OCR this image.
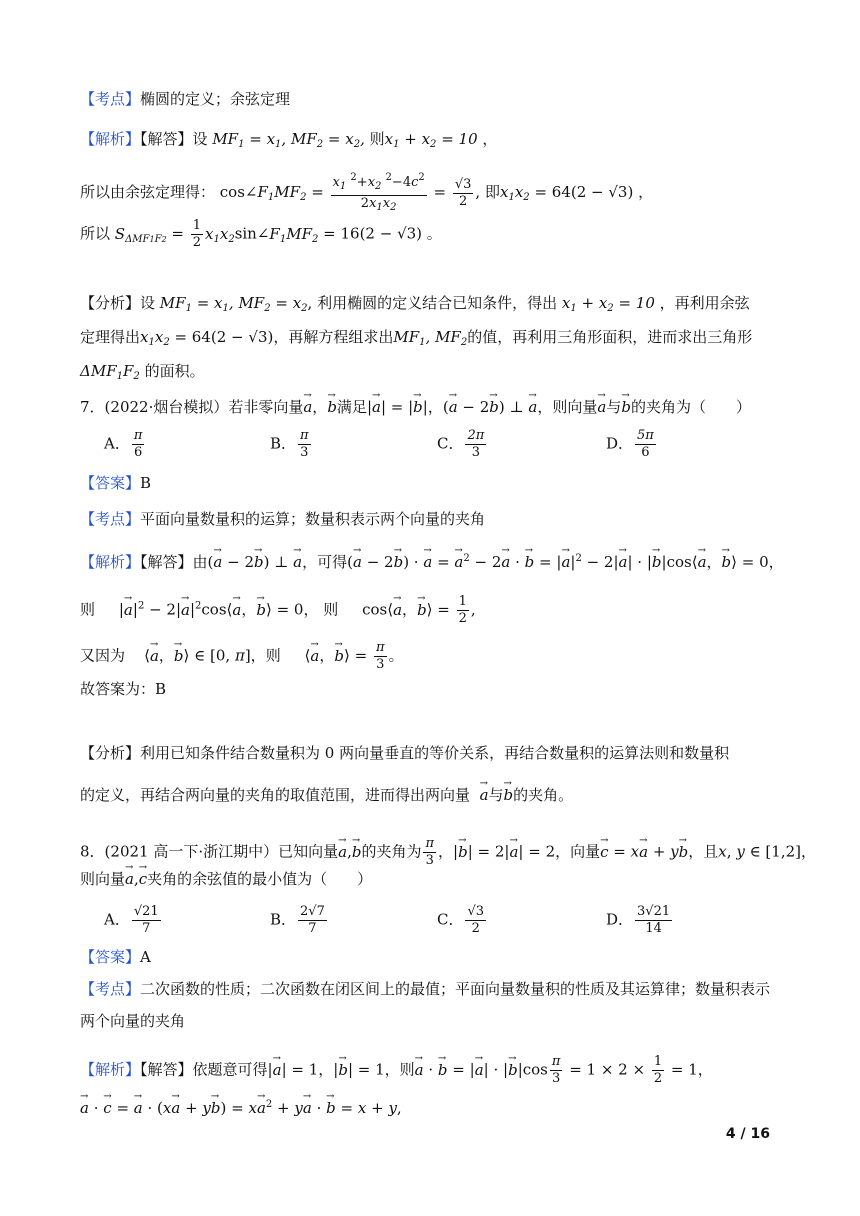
【考点】椭圆的定义；余弦定理
【解析】【解答】设 $MF_1 = x_1$, $MF_2 = x_2$, 则$x_1 + x_2 = 10$ ，
所以由余弦定理得： $\cos\angle F_1MF_2 = \frac{x_1 ^2+x_2 ^2-4c^2}{2x_1x_2} = \frac{√3}{2}$ , 即$x_1x_2 = 64(2 - √3)$ ，
所以 $S_{\Delta MF1F2} = \frac{1}{2}$ $x_1x_2\sin\angle F_1MF_2 = 16(2 - √3)$ 。
【分析】设 $MF_1 = x_1$, $MF_2 = x_2$, 利用椭圆的定义结合已知条件，得出 $x_1 + x_2 = 10$ ，再利用余弦
定理得出$x_1x_2 = 64(2 - √3)$，再解方程组求出$MF_1$, $MF_2$的值，再利用三角形面积，进而求出三角形
$\Delta MF_1F_2$ 的面积。
7．(2022·烟台模拟）若非零向量→ a，→ b满足|→ a| = |→ b|，(→ a − 2→ b) ⊥ → a，则向量→ a与→ b的夹角为（　　）
A． $\frac{\pi}{6}$	B． $\frac{\pi}{3}$	C． $\frac{2\pi}{3}$	D． $\frac{5\pi}{6}$
【答案】B
【考点】平面向量数量积的运算；数量积表示两个向量的夹角
【解析】【解答】由(→ a − 2→ b) ⊥ → a，可得(→ a − 2→ b) · → a = → $a^2 - 2\to a$ · → b = |→ $a|^2 - 2|\to a|$ · |→ b|cos⟨→ a，→ b⟩ = 0，
则     |→ $a|^2 - 2|\to$ $a|^2\cos⟨\to a$，→ b⟩ = 0， 则     cos⟨→ a，→ b⟩ = $\frac{1}{2}$ ,
又因为    ⟨→ a，→ b⟩ ∈ [0, π]，则     ⟨→ a，→ b⟩ = $\frac{\pi}{3}$ 。
故答案为：B
【分析】利用已知条件结合数量积为 0 两向量垂直的等价关系，再结合数量积的运算法则和数量积
的定义，再结合两向量的夹角的取值范围，进而得出两向量  → a与→ b的夹角。
8．(2021 高一下·浙江期中）已知向量→ a,→ b的夹角为 $\frac{\pi}{3}$ ，|→ b| = 2|→ a| = 2，向量→ c = x→ a + y→ b，且x, y ∈ [1,2]，
则向量→ a,→ c夹角的余弦值的最小值为（　　）
A． $\frac{√21}{7}$	B． $\frac{2√7}{7}$	C． $\frac{√3}{2}$	D． $\frac{3√21}{14}$
【答案】A
【考点】二次函数的性质；二次函数在闭区间上的最值；平面向量数量积的性质及其运算律；数量积表示
两个向量的夹角
【解析】【解答】依题意可得|→ a| = 1，|→ b| = 1，则→ a · → b = |→ a| · |→ $b|\cos \frac{\pi}{3} = 1 \times 2 \times \frac{1}{2} = 1$，
→ a · → c = → $a \cdot (x\to a + y\to b) = x\to a^2 + y\to a$ · → b = x + y,
4 / 16
